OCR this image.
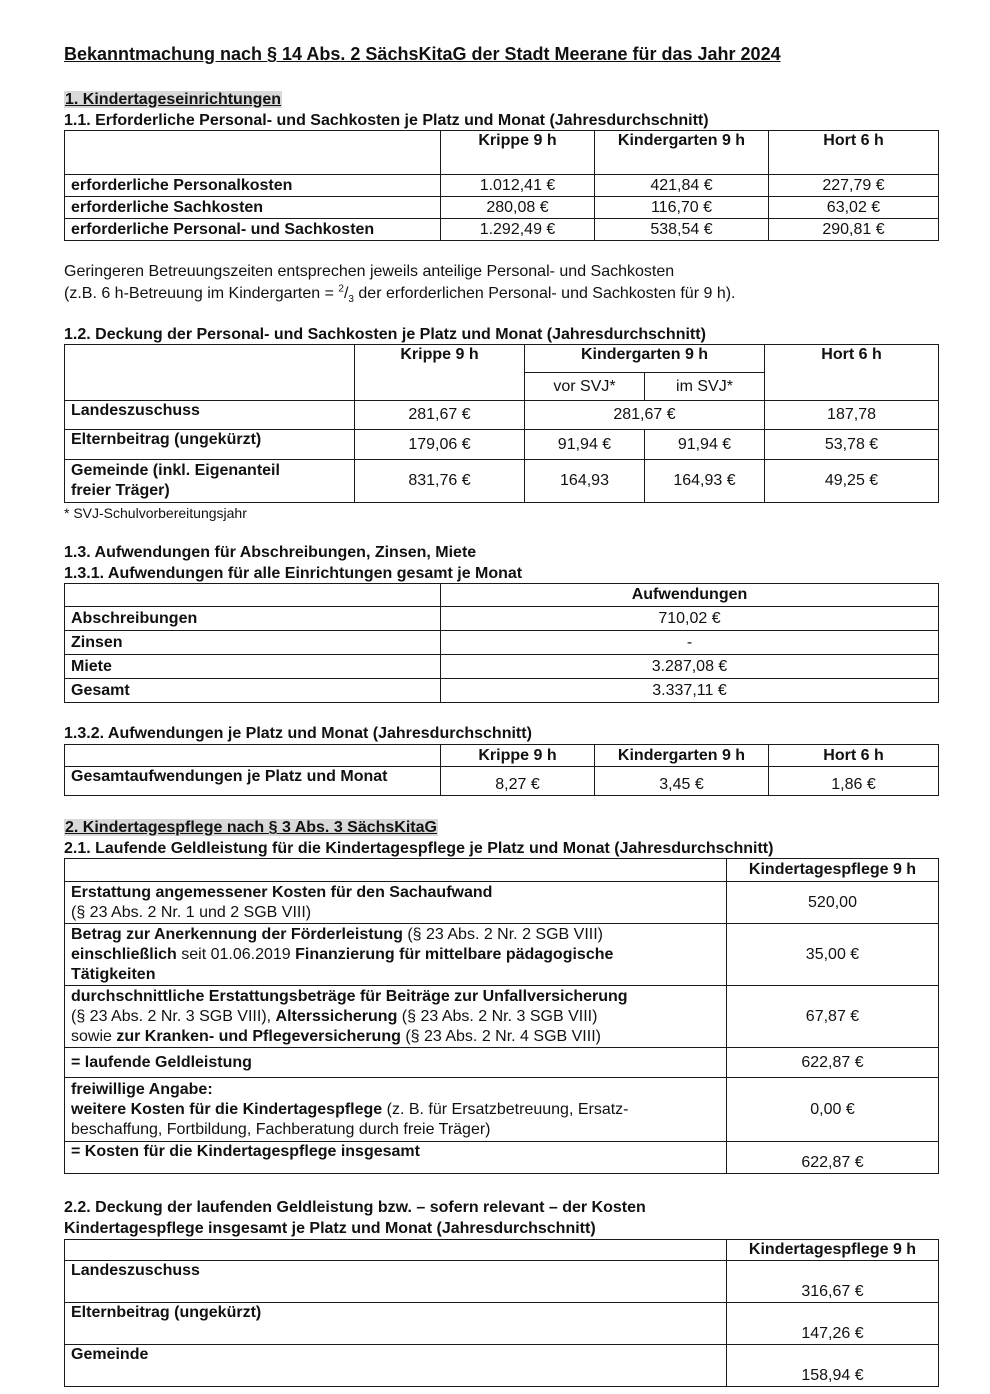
Bekanntmachung nach § 14 Abs. 2 SächsKitaG der Stadt Meerane für das Jahr 2024
1. Kindertageseinrichtungen
1.1. Erforderliche Personal- und Sachkosten je Platz und Monat (Jahresdurchschnitt)
	Krippe 9 h	Kindergarten 9 h	Hort 6 h
erforderliche Personalkosten	1.012,41 €	421,84 €	227,79 €
erforderliche Sachkosten	280,08 €	116,70 €	63,02 €
erforderliche Personal- und Sachkosten	1.292,49 €	538,54 €	290,81 €
Geringeren Betreuungszeiten entsprechen jeweils anteilige Personal- und Sachkosten
(z.B. 6 h-Betreuung im Kindergarten = $^2/_3$ der erforderlichen Personal- und Sachkosten für 9 h).
1.2. Deckung der Personal- und Sachkosten je Platz und Monat (Jahresdurchschnitt)
	Krippe 9 h	Kindergarten 9 h		Hort 6 h
		vor SVJ*	im SVJ*	
Landeszuschuss	281,67 €	281,67 €		187,78
Elternbeitrag (ungekürzt)	179,06 €	91,94 €	91,94 €	53,78 €

Gemeinde (inkl. Eigenanteil
freier Träger)	831,76 €	164,93	164,93 €	49,25 €
* SVJ-Schulvorbereitungsjahr
1.3. Aufwendungen für Abschreibungen, Zinsen, Miete
1.3.1. Aufwendungen für alle Einrichtungen gesamt je Monat
	Aufwendungen
Abschreibungen	710,02 €
Zinsen	-
Miete	3.287,08 €
Gesamt	3.337,11 €
1.3.2. Aufwendungen je Platz und Monat (Jahresdurchschnitt)
	Krippe 9 h	Kindergarten 9 h	Hort 6 h
Gesamtaufwendungen je Platz und Monat	8,27 €	3,45 €	1,86 €
2. Kindertagespflege nach § 3 Abs. 3 SächsKitaG
2.1. Laufende Geldleistung für die Kindertagespflege je Platz und Monat (Jahresdurchschnitt)
	Kindertagespflege 9 h

Erstattung angemessener Kosten für den Sachaufwand
(§ 23 Abs. 2 Nr. 1 und 2 SGB VIII)	520,00

Betrag zur Anerkennung der Förderleistung (§ 23 Abs. 2 Nr. 2 SGB VIII)
einschließlich seit 01.06.2019 Finanzierung für mittelbare pädagogische
Tätigkeiten	35,00 €

durchschnittliche Erstattungsbeträge für Beiträge zur Unfallversicherung
(§ 23 Abs. 2 Nr. 3 SGB VIII), Alterssicherung (§ 23 Abs. 2 Nr. 3 SGB VIII)
sowie zur Kranken- und Pflegeversicherung (§ 23 Abs. 2 Nr. 4 SGB VIII)	67,87 €
= laufende Geldleistung	622,87 €

freiwillige Angabe:
weitere Kosten für die Kindertagespflege (z. B. für Ersatzbetreuung, Ersatz-
beschaffung, Fortbildung, Fachberatung durch freie Träger)	0,00 €
= Kosten für die Kindertagespflege insgesamt	622,87 €
2.2. Deckung der laufenden Geldleistung bzw. – sofern relevant – der Kosten
Kindertagespflege insgesamt je Platz und Monat (Jahresdurchschnitt)
	Kindertagespflege 9 h
Landeszuschuss	316,67 €
Elternbeitrag (ungekürzt)	147,26 €
Gemeinde	158,94 €
